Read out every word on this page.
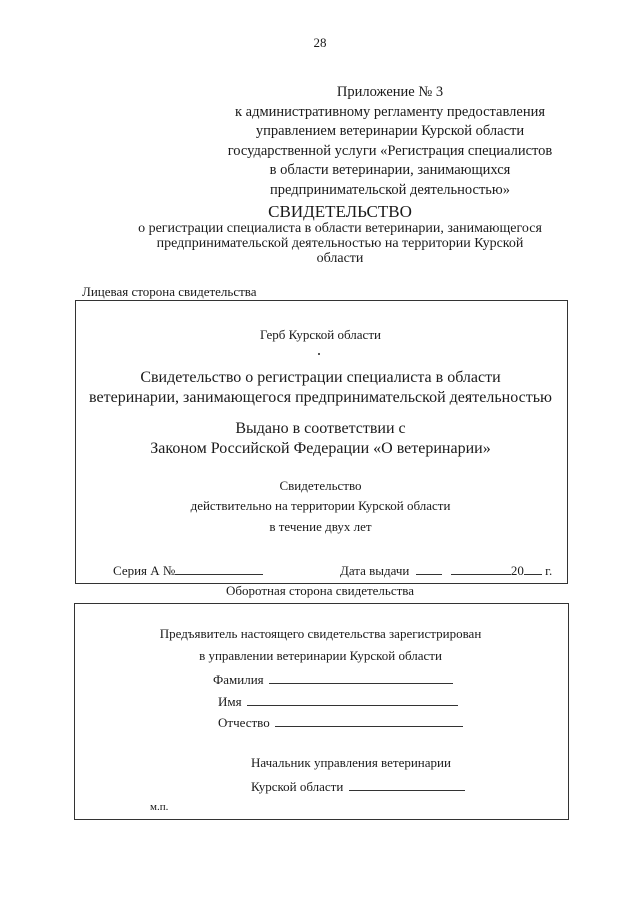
28
Приложение № 3
к административному регламенту предоставления
управлением ветеринарии Курской области
государственной услуги «Регистрация специалистов
в области ветеринарии, занимающихся
предпринимательской деятельностью»
СВИДЕТЕЛЬСТВО
о регистрации специалиста в области ветеринарии, занимающегося
предпринимательской деятельностью на территории Курской
области
Лицевая сторона свидетельства
Герб Курской области
Свидетельство о регистрации специалиста в области
ветеринарии, занимающегося предпринимательской деятельностью
Выдано в соответствии с
Законом Российской Федерации «О ветеринарии»
Свидетельство
действительно на территории Курской области
в течение двух лет
Серия А №	Дата выдачи	20 г.
Оборотная сторона свидетельства
Предъявитель настоящего свидетельства зарегистрирован
в управлении ветеринарии Курской области
Фамилия
Имя
Отчество
Начальник управления ветеринарии
Курской области
м.п.
